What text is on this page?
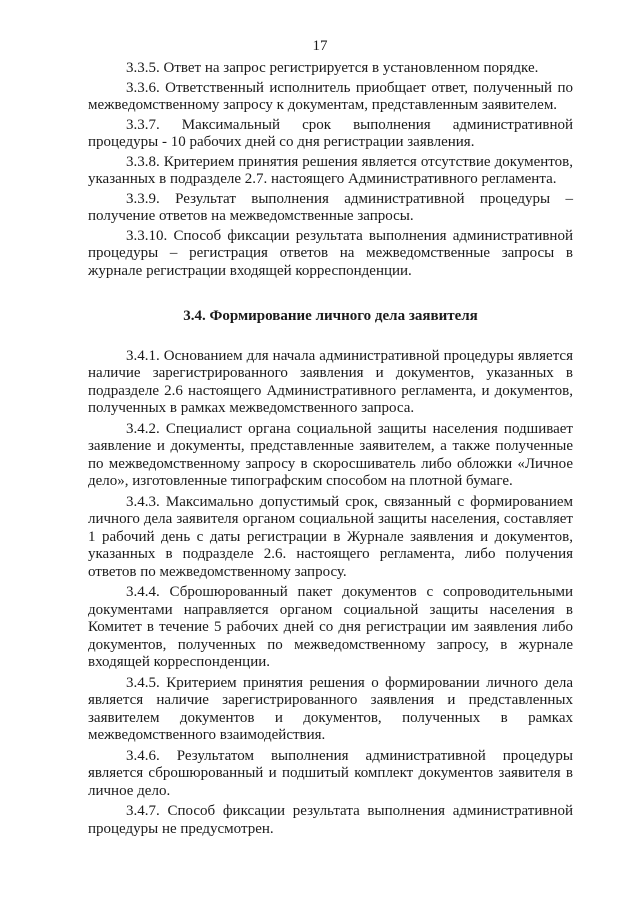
17

3.3.5. Ответ на запрос регистрируется в установленном порядке.

3.3.6. Ответственный исполнитель приобщает ответ, полученный по межведомственному запросу к документам, представленным заявителем.

3.3.7. Максимальный срок выполнения административной процедуры - 10 рабочих дней со дня регистрации заявления.

3.3.8. Критерием принятия решения является отсутствие документов, указанных в подразделе 2.7. настоящего Административного регламента.

3.3.9. Результат выполнения административной процедуры – получение ответов на межведомственные запросы.

3.3.10. Способ фиксации результата выполнения административной процедуры – регистрация ответов на межведомственные запросы в журнале регистрации входящей корреспонденции.

3.4. Формирование личного дела заявителя

3.4.1. Основанием для начала административной процедуры является наличие зарегистрированного заявления и документов, указанных в подразделе 2.6 настоящего Административного регламента, и документов, полученных в рамках межведомственного запроса.

3.4.2. Специалист органа социальной защиты населения подшивает заявление и документы, представленные заявителем, а также полученные по межведомственному запросу в скоросшиватель либо обложки «Личное дело», изготовленные типографским способом на плотной бумаге.

3.4.3. Максимально допустимый срок, связанный с формированием личного дела заявителя органом социальной защиты населения, составляет 1 рабочий день с даты регистрации в Журнале заявления и документов, указанных в подразделе 2.6. настоящего регламента, либо получения ответов по межведомственному запросу.

3.4.4. Сброшюрованный пакет документов с сопроводительными документами направляется органом социальной защиты населения в Комитет в течение 5 рабочих дней со дня регистрации им заявления либо документов, полученных по межведомственному запросу, в журнале входящей корреспонденции.

3.4.5. Критерием принятия решения о формировании личного дела является наличие зарегистрированного заявления и представленных заявителем документов и документов, полученных в рамках межведомственного взаимодействия.

3.4.6. Результатом выполнения административной процедуры является сброшюрованный и подшитый комплект документов заявителя в личное дело.

3.4.7. Способ фиксации результата выполнения административной процедуры не предусмотрен.
